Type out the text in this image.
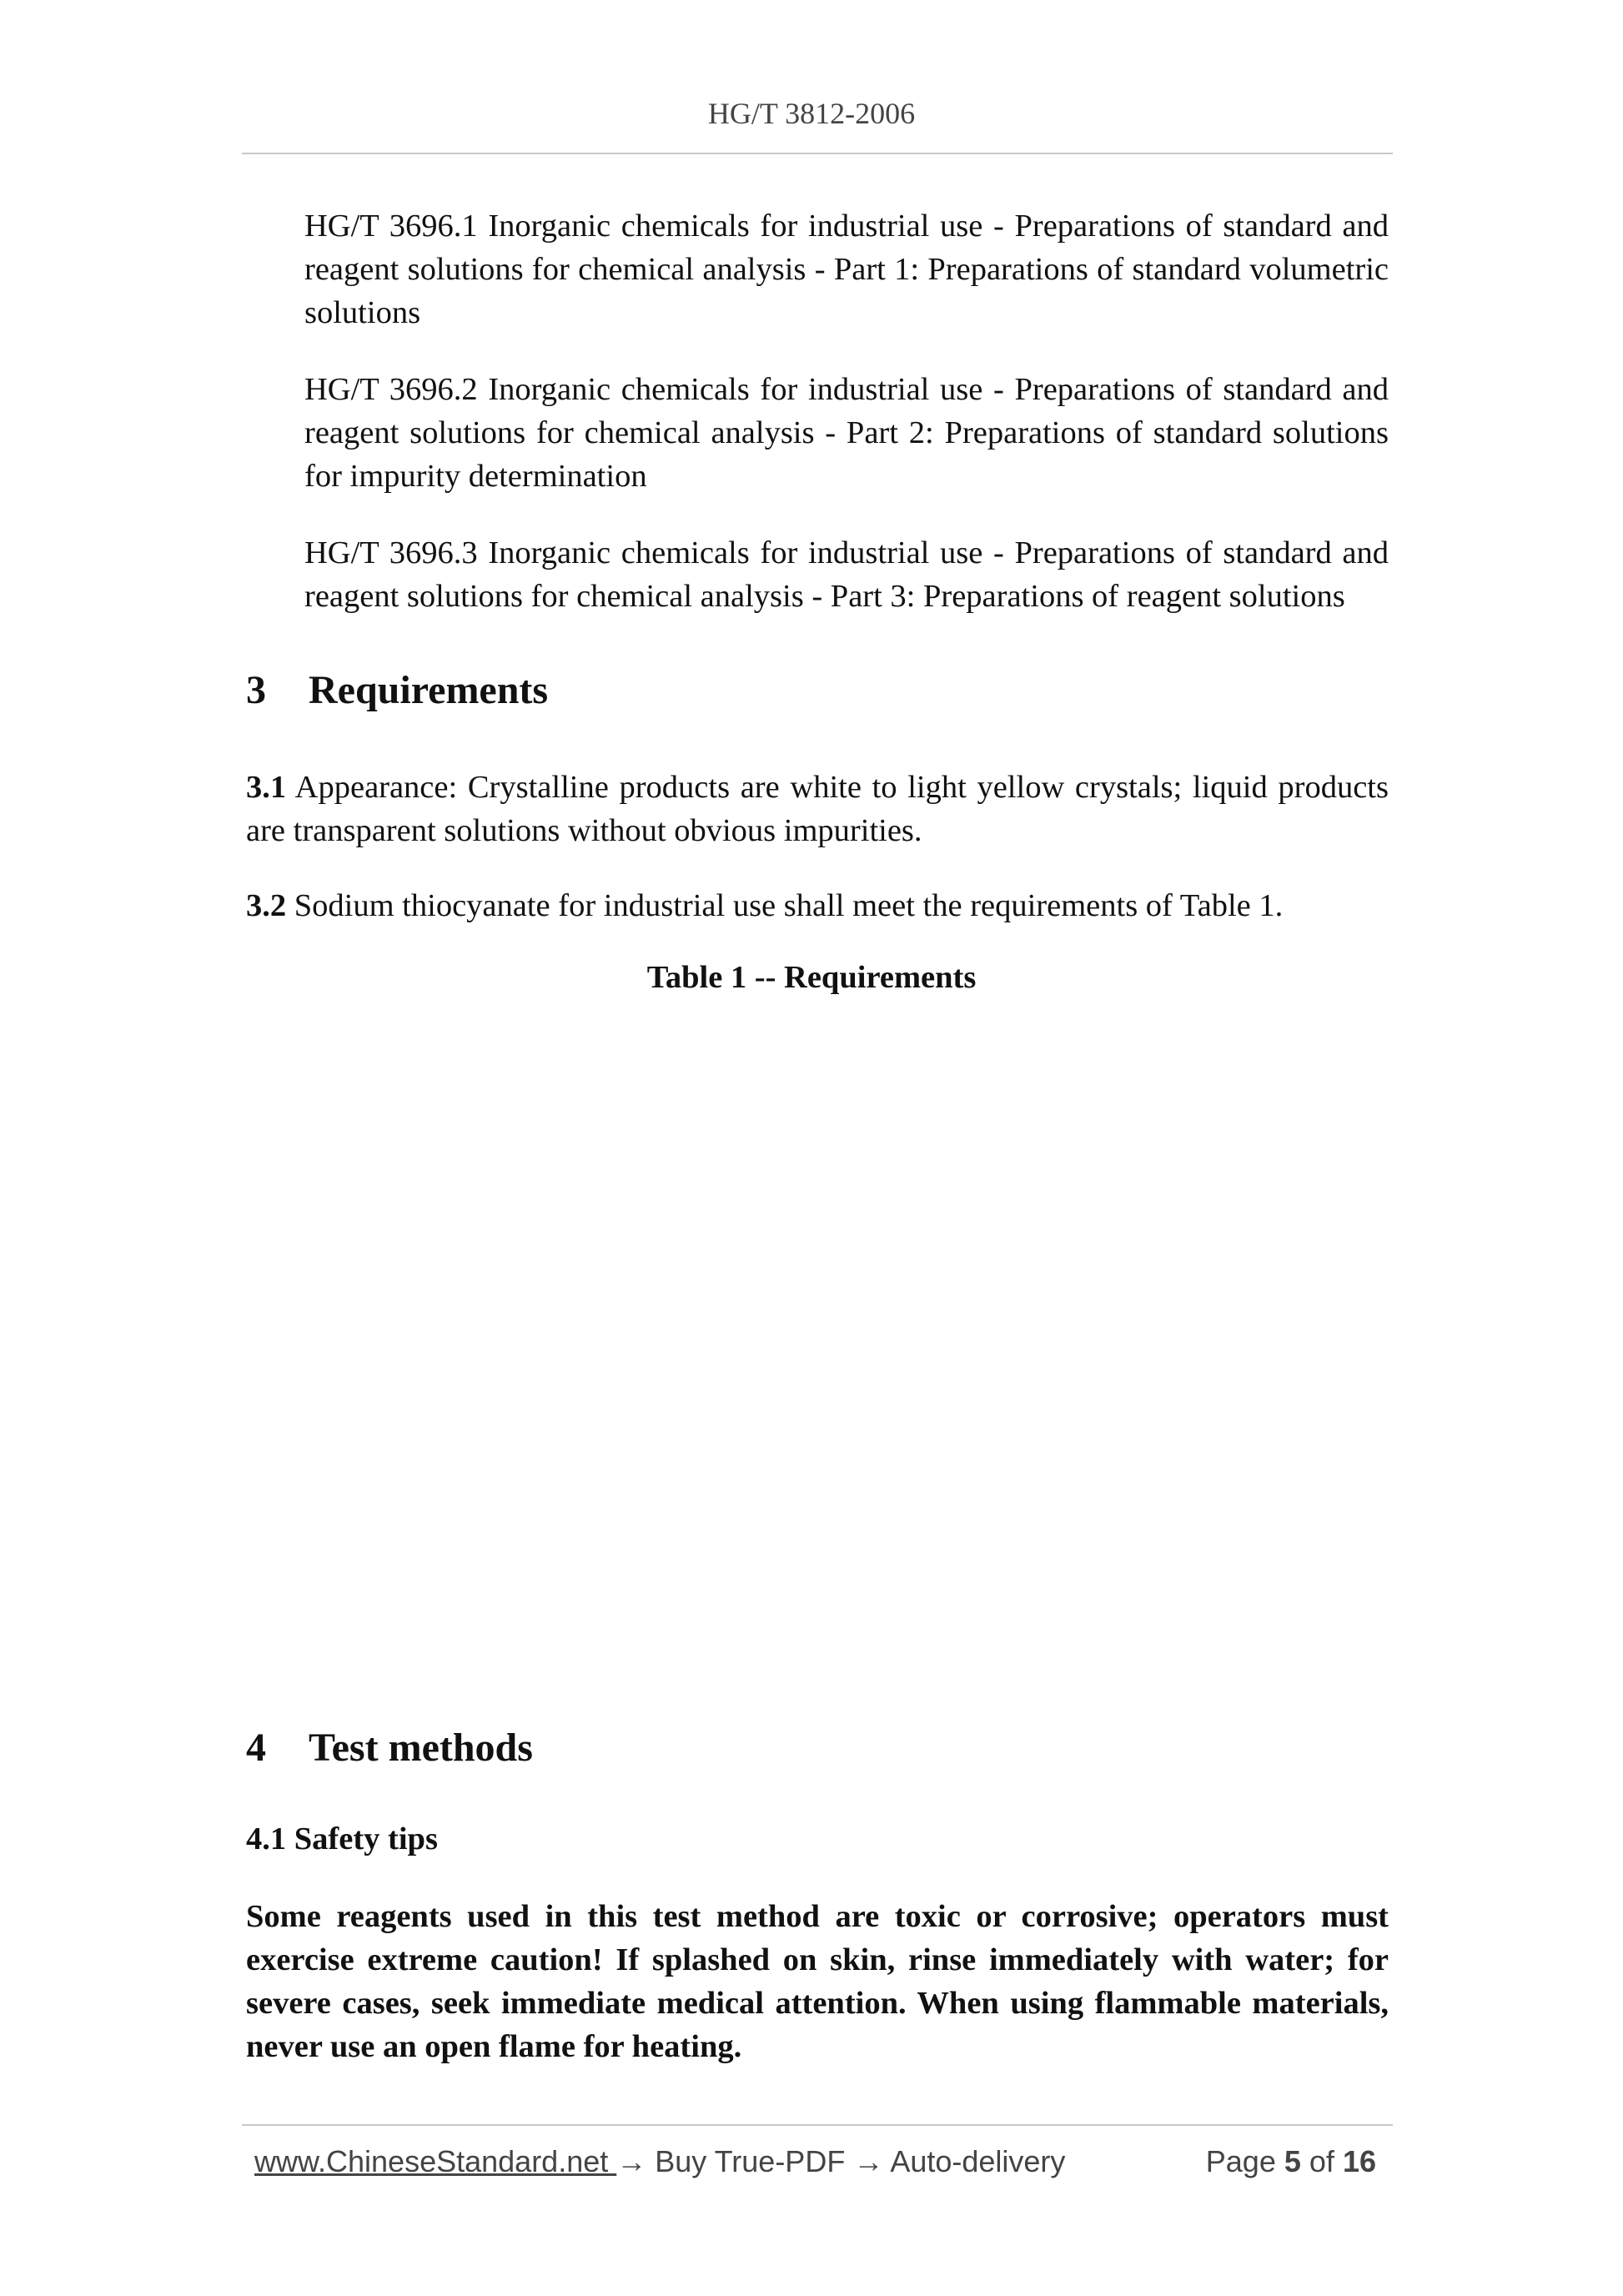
HG/T 3812-2006

HG/T 3696.1 Inorganic chemicals for industrial use - Preparations of standard and reagent solutions for chemical analysis - Part 1: Preparations of standard volumetric solutions

HG/T 3696.2 Inorganic chemicals for industrial use - Preparations of standard and reagent solutions for chemical analysis - Part 2: Preparations of standard solutions for impurity determination

HG/T 3696.3 Inorganic chemicals for industrial use - Preparations of standard and reagent solutions for chemical analysis - Part 3: Preparations of reagent solutions

3 Requirements

3.1 Appearance: Crystalline products are white to light yellow crystals; liquid products are transparent solutions without obvious impurities.

3.2 Sodium thiocyanate for industrial use shall meet the requirements of Table 1.

Table 1 -- Requirements
4 Test methods
4.1 Safety tips

Some reagents used in this test method are toxic or corrosive; operators must exercise extreme caution! If splashed on skin, rinse immediately with water; for severe cases, seek immediate medical attention. When using flammable materials, never use an open flame for heating.

www.ChineseStandard.net → Buy True-PDF → Auto-delivery	Page 5 of 16
